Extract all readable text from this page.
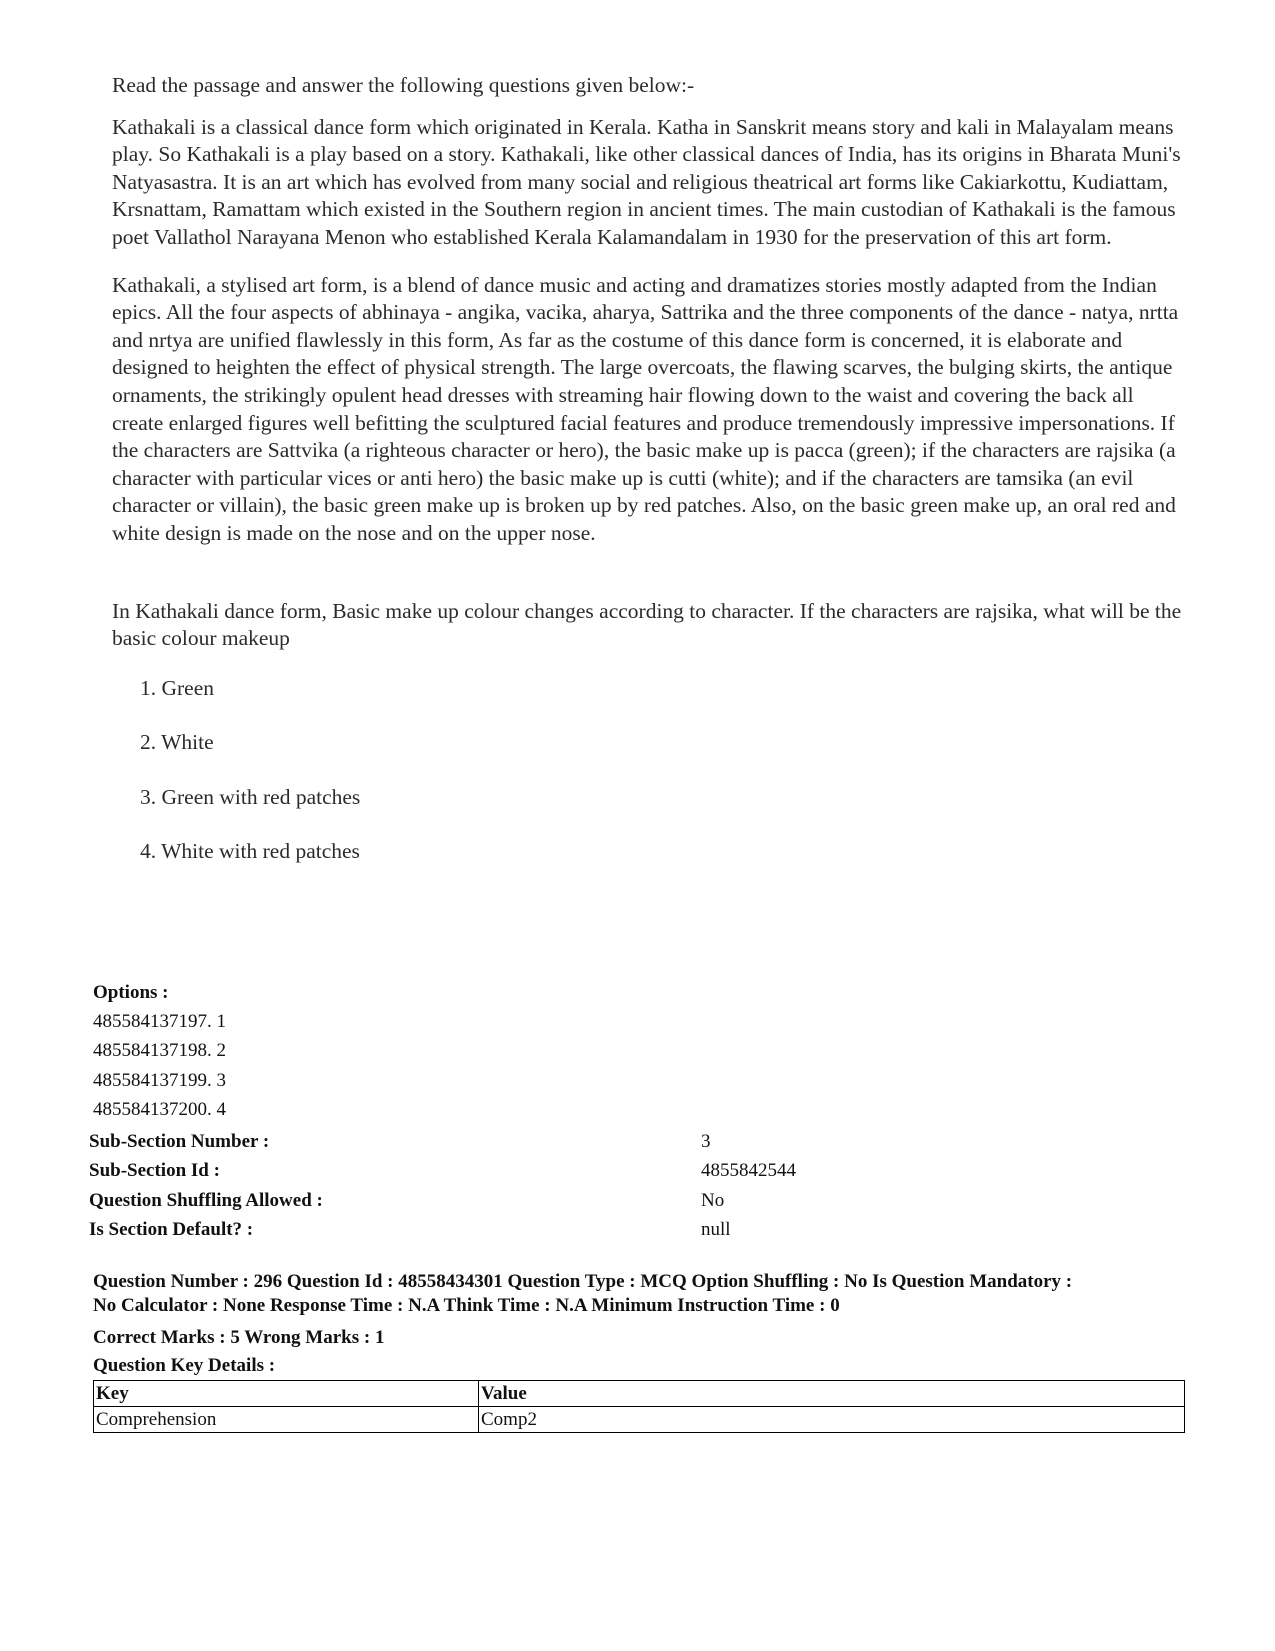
Read the passage and answer the following questions given below:-

Kathakali is a classical dance form which originated in Kerala. Katha in Sanskrit means story and kali in Malayalam means play. So Kathakali is a play based on a story. Kathakali, like other classical dances of India, has its origins in Bharata Muni's Natyasastra. It is an art which has evolved from many social and religious theatrical art forms like Cakiarkottu, Kudiattam, Krsnattam, Ramattam which existed in the Southern region in ancient times. The main custodian of Kathakali is the famous poet Vallathol Narayana Menon who established Kerala Kalamandalam in 1930 for the preservation of this art form.

Kathakali, a stylised art form, is a blend of dance music and acting and dramatizes stories mostly adapted from the Indian epics. All the four aspects of abhinaya - angika, vacika, aharya, Sattrika and the three components of the dance - natya, nrtta and nrtya are unified flawlessly in this form, As far as the costume of this dance form is concerned, it is elaborate and designed to heighten the effect of physical strength. The large overcoats, the flawing scarves, the bulging skirts, the antique ornaments, the strikingly opulent head dresses with streaming hair flowing down to the waist and covering the back all create enlarged figures well befitting the sculptured facial features and produce tremendously impressive impersonations. If the characters are Sattvika (a righteous character or hero), the basic make up is pacca (green); if the characters are rajsika (a character with particular vices or anti hero) the basic make up is cutti (white); and if the characters are tamsika (an evil character or villain), the basic green make up is broken up by red patches. Also, on the basic green make up, an oral red and white design is made on the nose and on the upper nose.

In Kathakali dance form, Basic make up colour changes according to character. If the characters are rajsika, what will be the basic colour makeup

1. Green
2. White
3. Green with red patches
4. White with red patches
Options :
485584137197. 1
485584137198. 2
485584137199. 3
485584137200. 4
Sub-Section Number :	3
Sub-Section Id :	4855842544
Question Shuffling Allowed :	No
Is Section Default? :	null
Question Number : 296 Question Id : 48558434301 Question Type : MCQ Option Shuffling : No Is Question Mandatory :
No Calculator : None Response Time : N.A Think Time : N.A Minimum Instruction Time : 0
Correct Marks : 5 Wrong Marks : 1
Question Key Details :
Key	Value
Comprehension	Comp2
